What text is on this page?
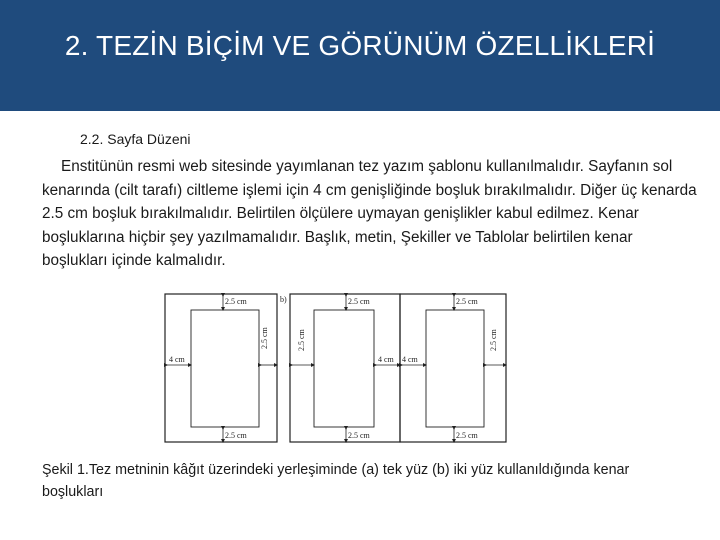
2. TEZİN BİÇİM VE GÖRÜNÜM ÖZELLİKLERİ
2.2. Sayfa Düzeni

Enstitünün resmi web sitesinde yayımlanan tez yazım şablonu kullanılmalıdır. Sayfanın sol kenarında (cilt tarafı) ciltleme işlemi için 4 cm genişliğinde boşluk bırakılmalıdır. Diğer üç kenarda 2.5 cm boşluk bırakılmalıdır. Belirtilen ölçülere uymayan genişlikler kabul edilmez. Kenar boşluklarına hiçbir şey yazılmamalıdır. Başlık, metin, Şekiller ve Tablolar belirtilen kenar boşlukları içinde kalmalıdır.

2.5 cm
2.5 cm
4 cm
2.5 cm
b)	2.5 cm
2.5 cm
2.5 cm
4 cm
2.5 cm
2.5 cm
4 cm
2.5 cm

Şekil 1.Tez metninin kâğıt üzerindeki yerleşiminde (a) tek yüz (b) iki yüz kullanıldığında kenar boşlukları
